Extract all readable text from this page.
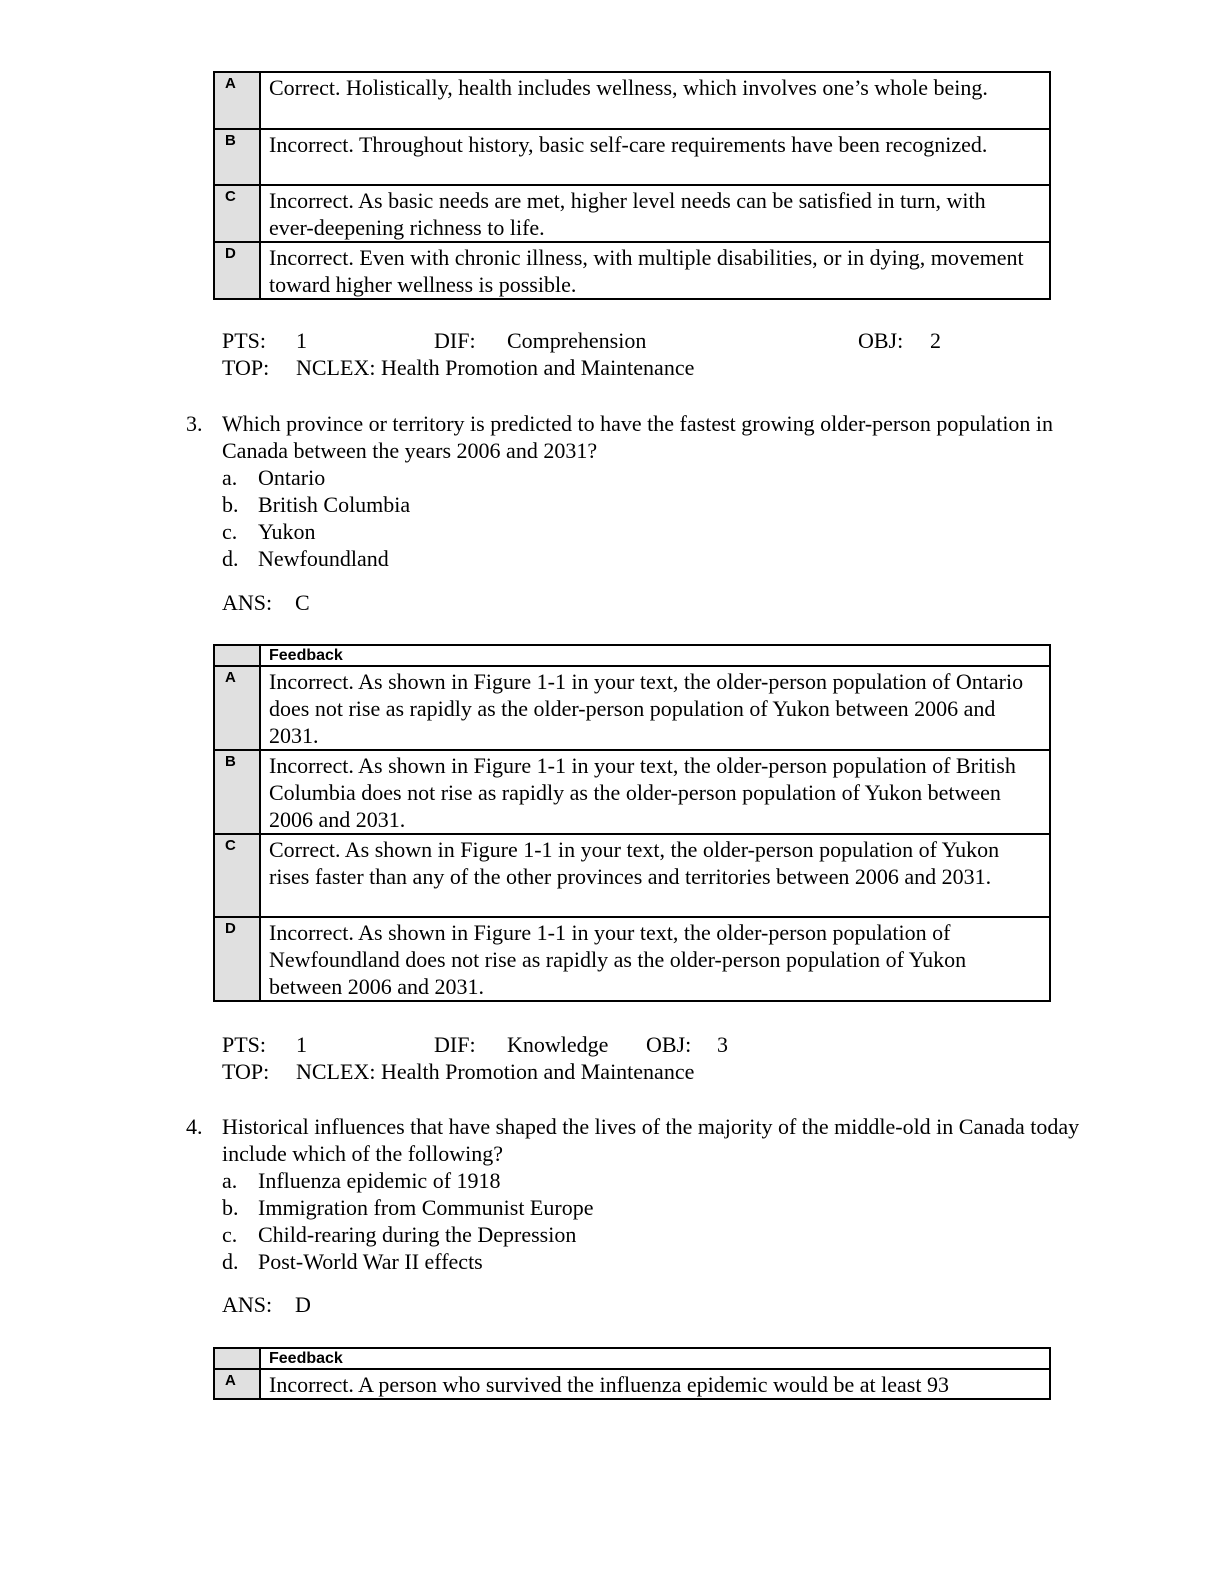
A	Correct. Holistically, health includes wellness, which involves one’s whole being.
B	Incorrect. Throughout history, basic self-care requirements have been recognized.
C	Incorrect. As basic needs are met, higher level needs can be satisfied in turn, with ever-deepening richness to life.
D	Incorrect. Even with chronic illness, with multiple disabilities, or in dying, movement toward higher wellness is possible.
PTS: 1	DIF: Comprehension	OBJ: 2
TOP: NCLEX: Health Promotion and Maintenance
3. Which province or territory is predicted to have the fastest growing older-person population in Canada between the years 2006 and 2031?
a. Ontario
b. British Columbia
c. Yukon
d. Newfoundland
ANS: C
	Feedback
A	Incorrect. As shown in Figure 1-1 in your text, the older-person population of Ontario does not rise as rapidly as the older-person population of Yukon between 2006 and 2031.
B	Incorrect. As shown in Figure 1-1 in your text, the older-person population of British Columbia does not rise as rapidly as the older-person population of Yukon between 2006 and 2031.
C	Correct. As shown in Figure 1-1 in your text, the older-person population of Yukon rises faster than any of the other provinces and territories between 2006 and 2031.
D	Incorrect. As shown in Figure 1-1 in your text, the older-person population of Newfoundland does not rise as rapidly as the older-person population of Yukon between 2006 and 2031.
PTS: 1	DIF: Knowledge OBJ: 3
TOP: NCLEX: Health Promotion and Maintenance
4. Historical influences that have shaped the lives of the majority of the middle-old in Canada today include which of the following?
a. Influenza epidemic of 1918
b. Immigration from Communist Europe
c. Child-rearing during the Depression
d. Post-World War II effects
ANS: D
	Feedback
A	Incorrect. A person who survived the influenza epidemic would be at least 93
